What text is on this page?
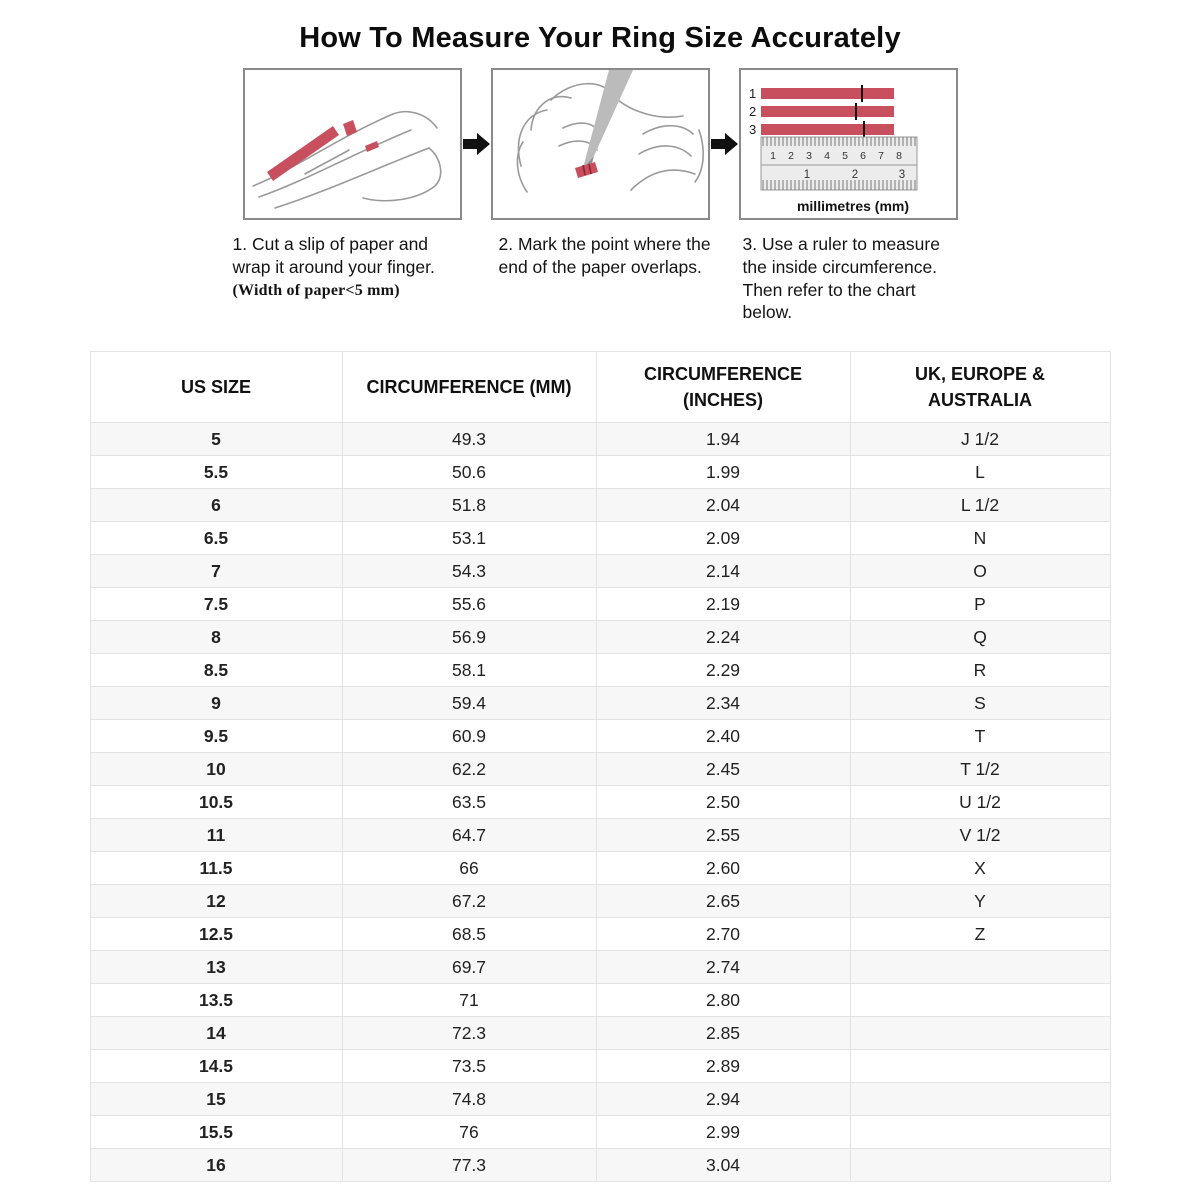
How To Measure Your Ring Size Accurately
1
2
3
1 2 3 4 5 6 7 8
1	2	3
millimetres (mm)
1. Cut a slip of paper and wrap it around your finger.
(Width of paper<5 mm)
2. Mark the point where the end of the paper overlaps.
3. Use a ruler to measure the inside circumference. Then refer to the chart below.
US SIZE	CIRCUMFERENCE (MM)

CIRCUMFERENCE
(INCHES)

UK, EUROPE &
AUSTRALIA

5	49.3	1.94	J 1/2
5.5	50.6	1.99	L
6	51.8	2.04	L 1/2
6.5	53.1	2.09	N
7	54.3	2.14	O
7.5	55.6	2.19	P
8	56.9	2.24	Q
8.5	58.1	2.29	R
9	59.4	2.34	S
9.5	60.9	2.40	T
10	62.2	2.45	T 1/2
10.5	63.5	2.50	U 1/2
11	64.7	2.55	V 1/2
11.5	66	2.60	X
12	67.2	2.65	Y
12.5	68.5	2.70	Z
13	69.7	2.74	
13.5	71	2.80	
14	72.3	2.85	
14.5	73.5	2.89	
15	74.8	2.94	
15.5	76	2.99	
16	77.3	3.04	
